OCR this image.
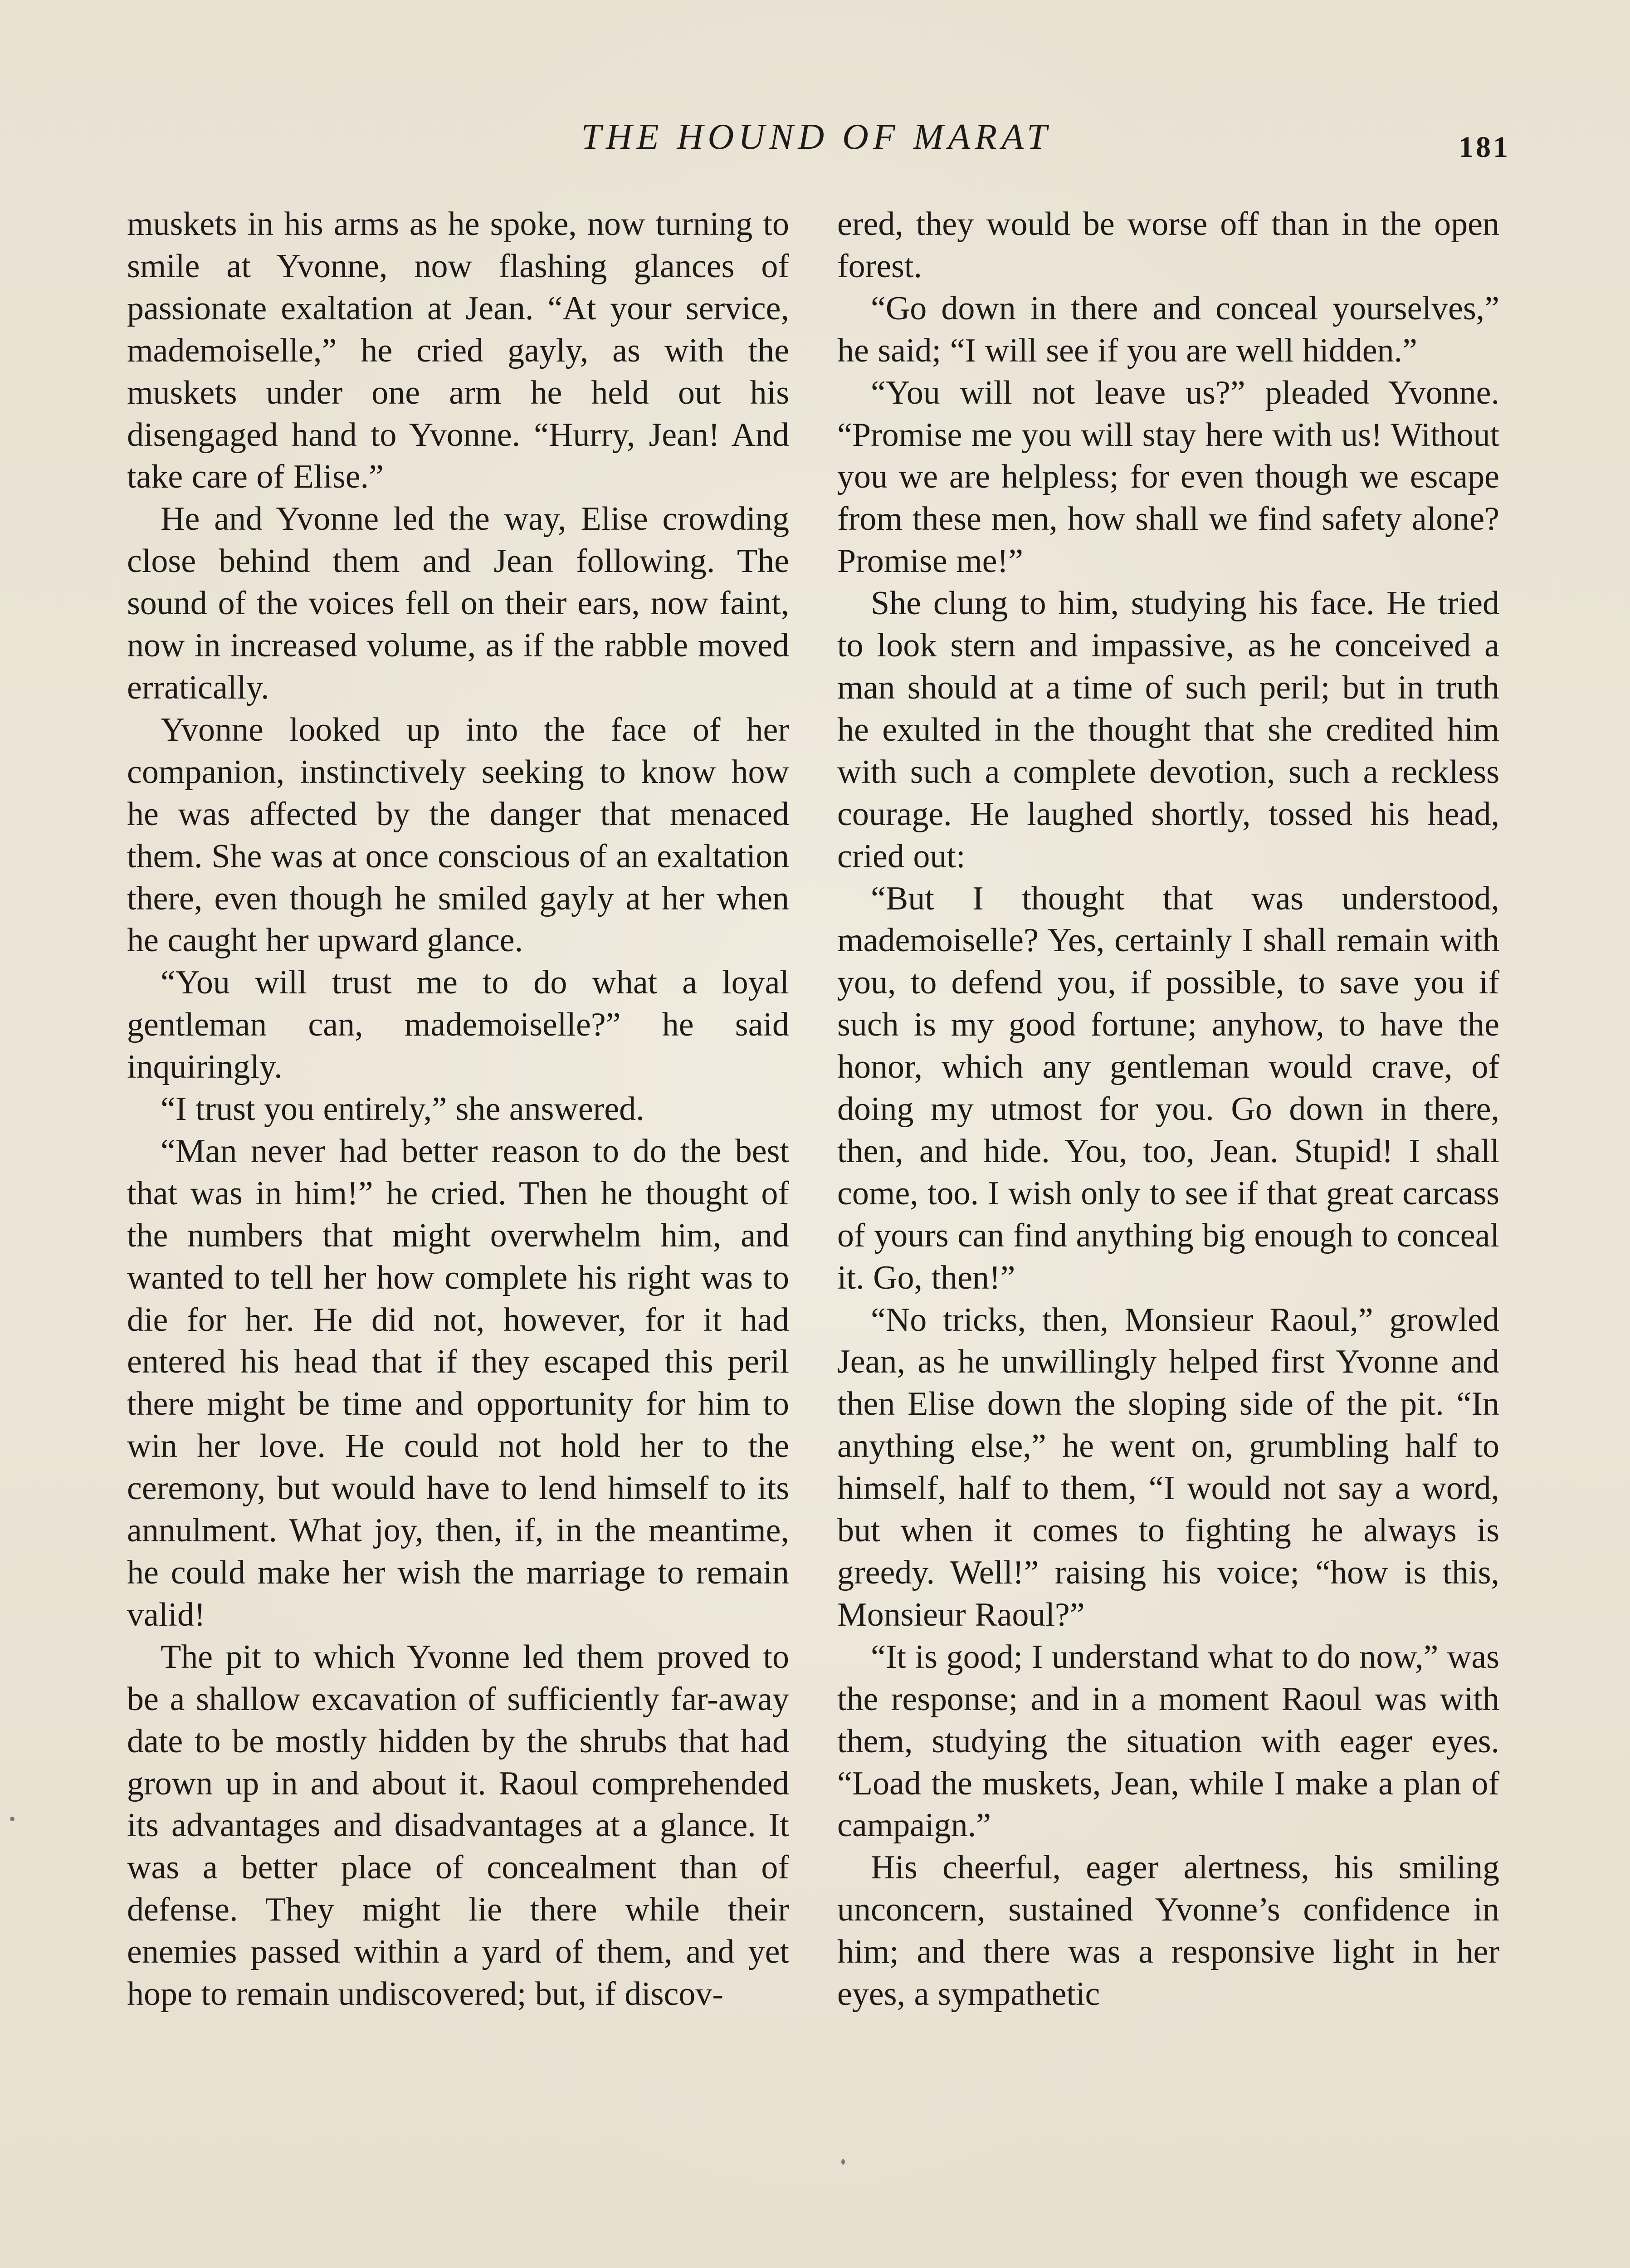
THE HOUND OF MARAT	181

muskets in his arms as he spoke, now turning to smile at Yvonne, now flashing glances of passionate exaltation at Jean. “At your service, mademoiselle,” he cried gayly, as with the muskets under one arm he held out his disengaged hand to Yvonne. “Hurry, Jean! And take care of Elise.”

He and Yvonne led the way, Elise crowding close behind them and Jean following. The sound of the voices fell on their ears, now faint, now in increased volume, as if the rabble moved erratically.

Yvonne looked up into the face of her companion, instinctively seeking to know how he was affected by the danger that menaced them. She was at once conscious of an exaltation there, even though he smiled gayly at her when he caught her upward glance.

“You will trust me to do what a loyal gentleman can, mademoiselle?” he said inquiringly.

“I trust you entirely,” she answered.

“Man never had better reason to do the best that was in him!” he cried. Then he thought of the numbers that might overwhelm him, and wanted to tell her how complete his right was to die for her. He did not, however, for it had entered his head that if they escaped this peril there might be time and opportunity for him to win her love. He could not hold her to the ceremony, but would have to lend himself to its annulment. What joy, then, if, in the meantime, he could make her wish the marriage to remain valid!

The pit to which Yvonne led them proved to be a shallow excavation of sufficiently far-away date to be mostly hidden by the shrubs that had grown up in and about it. Raoul comprehended its advantages and disadvantages at a glance. It was a better place of concealment than of defense. They might lie there while their enemies passed within a yard of them, and yet hope to remain undiscovered; but, if discov-

ered, they would be worse off than in the open forest.

“Go down in there and conceal yourselves,” he said; “I will see if you are well hidden.”

“You will not leave us?” pleaded Yvonne. “Promise me you will stay here with us! Without you we are helpless; for even though we escape from these men, how shall we find safety alone? Promise me!”

She clung to him, studying his face. He tried to look stern and impassive, as he conceived a man should at a time of such peril; but in truth he exulted in the thought that she credited him with such a complete devotion, such a reckless courage. He laughed shortly, tossed his head, cried out:

“But I thought that was understood, mademoiselle? Yes, certainly I shall remain with you, to defend you, if possible, to save you if such is my good fortune; anyhow, to have the honor, which any gentleman would crave, of doing my utmost for you. Go down in there, then, and hide. You, too, Jean. Stupid! I shall come, too. I wish only to see if that great carcass of yours can find anything big enough to conceal it. Go, then!”

“No tricks, then, Monsieur Raoul,” growled Jean, as he unwillingly helped first Yvonne and then Elise down the sloping side of the pit. “In anything else,” he went on, grumbling half to himself, half to them, “I would not say a word, but when it comes to fighting he always is greedy. Well!” raising his voice; “how is this, Monsieur Raoul?”

“It is good; I understand what to do now,” was the response; and in a moment Raoul was with them, studying the situation with eager eyes. “Load the muskets, Jean, while I make a plan of campaign.”

His cheerful, eager alertness, his smiling unconcern, sustained Yvonne’s confidence in him; and there was a responsive light in her eyes, a sympathetic
